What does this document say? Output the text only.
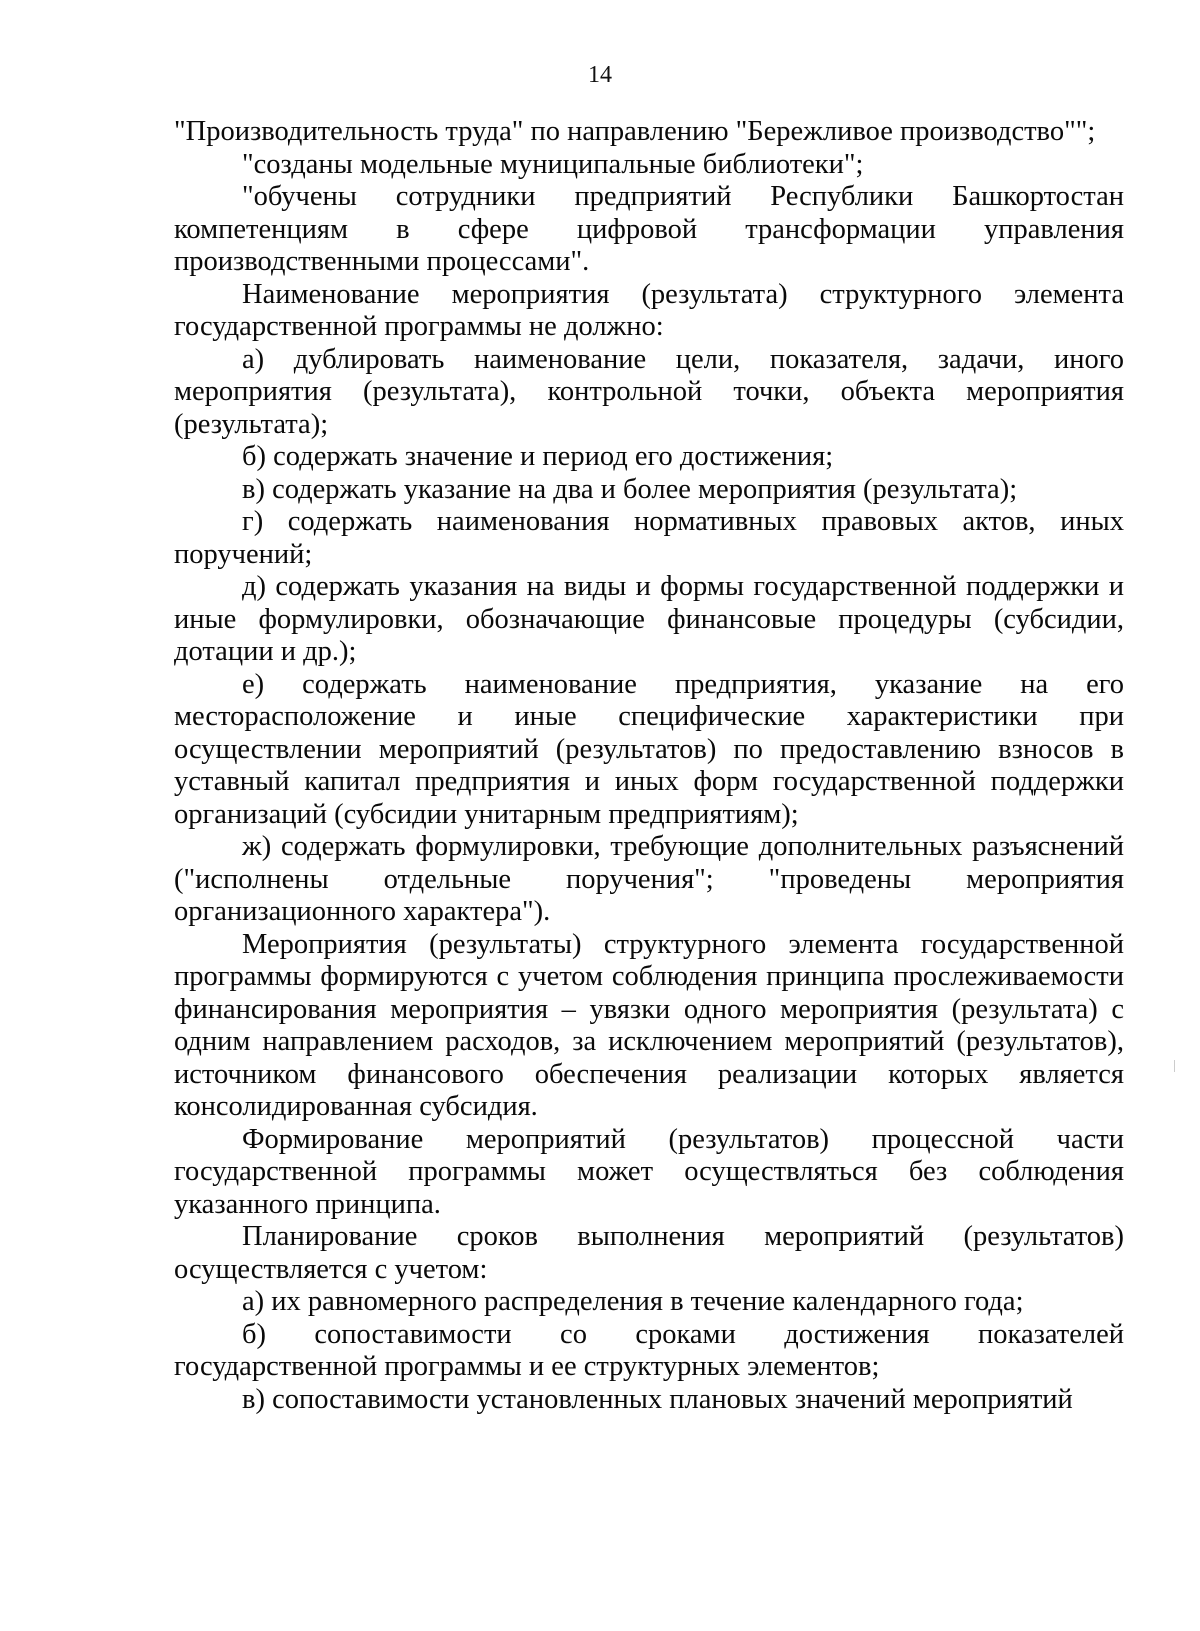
14

"Производительность труда" по направлению "Бережливое производство"";

"созданы модельные муниципальные библиотеки";

"обучены сотрудники предприятий Республики Башкортостан компетенциям в сфере цифровой трансформации управления производственными процессами".

Наименование мероприятия (результата) структурного элемента государственной программы не должно:

а) дублировать наименование цели, показателя, задачи, иного мероприятия (результата), контрольной точки, объекта мероприятия (результата);

б) содержать значение и период его достижения;

в) содержать указание на два и более мероприятия (результата);

г) содержать наименования нормативных правовых актов, иных поручений;

д) содержать указания на виды и формы государственной поддержки и иные формулировки, обозначающие финансовые процедуры (субсидии, дотации и др.);

е) содержать наименование предприятия, указание на его месторасположение и иные специфические характеристики при осуществлении мероприятий (результатов) по предоставлению взносов в уставный капитал предприятия и иных форм государственной поддержки организаций (субсидии унитарным предприятиям);

ж) содержать формулировки, требующие дополнительных разъяснений ("исполнены отдельные поручения"; "проведены мероприятия организационного характера").

Мероприятия (результаты) структурного элемента государственной программы формируются с учетом соблюдения принципа прослеживаемости финансирования мероприятия – увязки одного мероприятия (результата) с одним направлением расходов, за исключением мероприятий (результатов), источником финансового обеспечения реализации которых является консолидированная субсидия.

Формирование мероприятий (результатов) процессной части государственной программы может осуществляться без соблюдения указанного принципа.

Планирование сроков выполнения мероприятий (результатов) осуществляется с учетом:

а) их равномерного распределения в течение календарного года;

б) сопоставимости со сроками достижения показателей государственной программы и ее структурных элементов;

в) сопоставимости установленных плановых значений мероприятий
